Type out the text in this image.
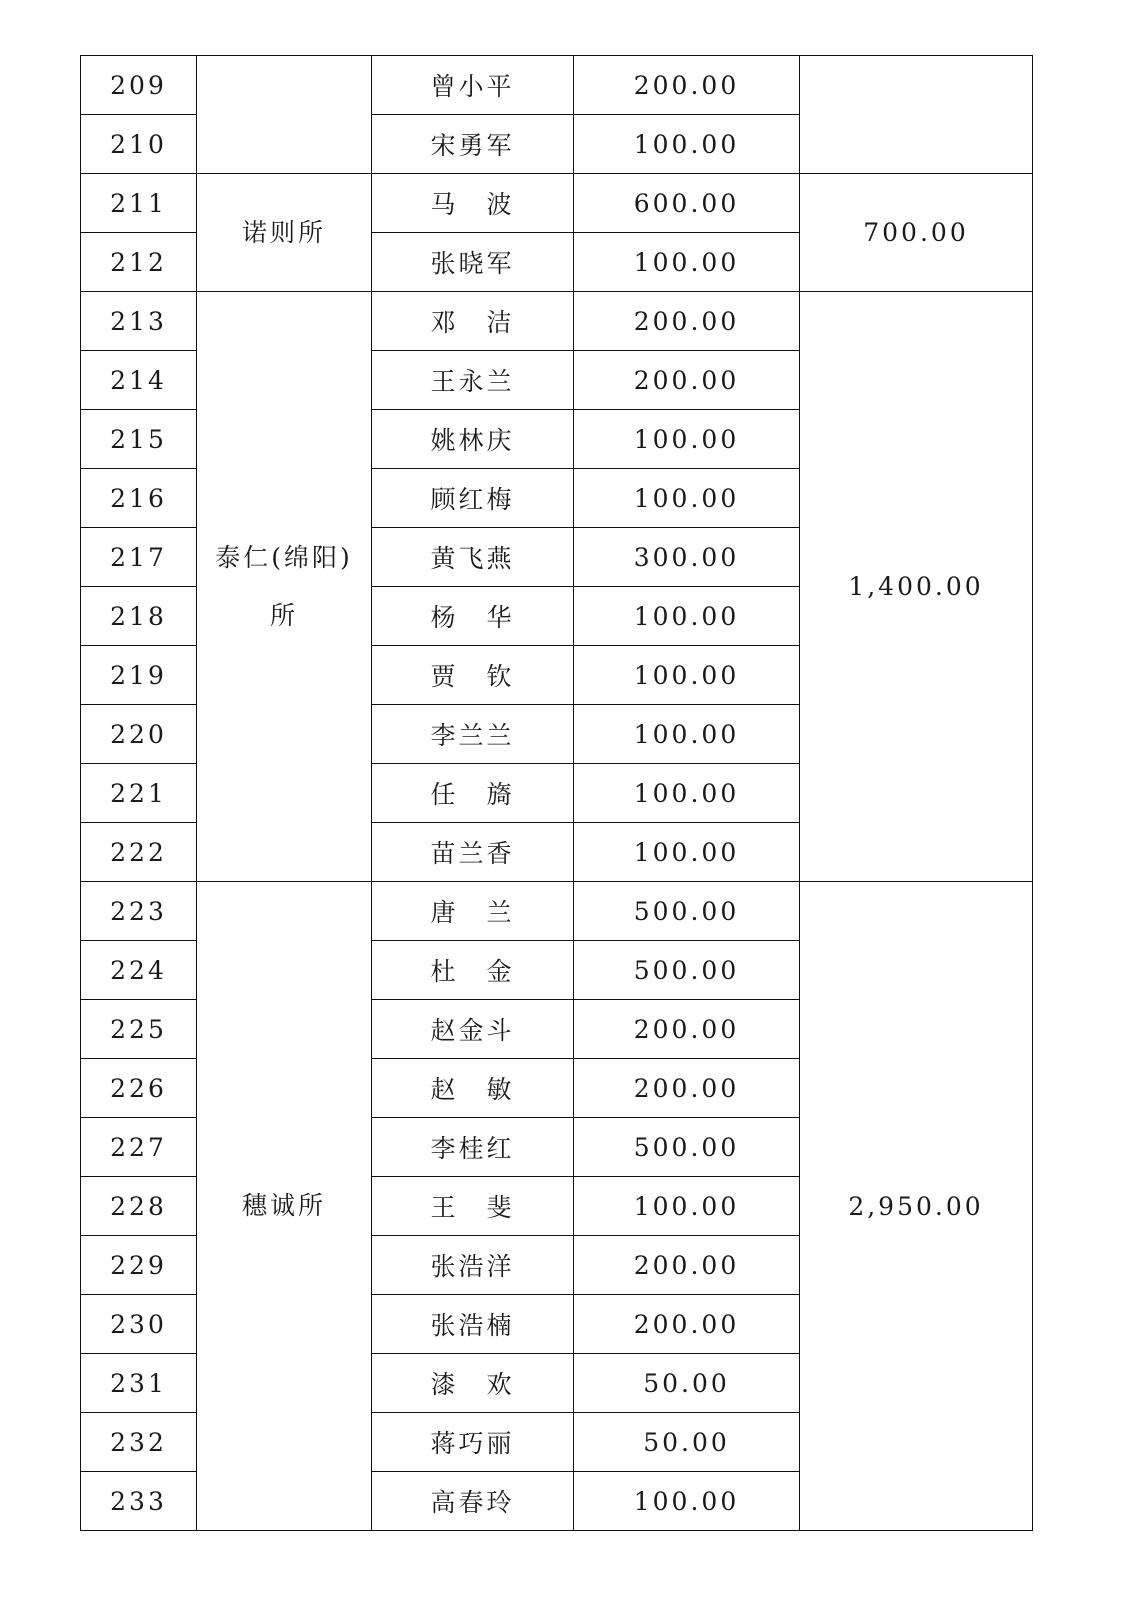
209		曾小平	200.00	
210		宋勇军	100.00	
211	诺则所	马　波	600.00	700.00
212		张晓军	100.00	
213	泰仁(绵阳)所	邓　洁	200.00	1,400.00
214		王永兰	200.00	
215		姚林庆	100.00	
216		顾红梅	100.00	
217		黄飞燕	300.00	
218		杨　华	100.00	
219		贾　钦	100.00	
220		李兰兰	100.00	
221		任　旖	100.00	
222		苗兰香	100.00	
223	穗诚所	唐　兰	500.00	2,950.00
224		杜　金	500.00	
225		赵金斗	200.00	
226		赵　敏	200.00	
227		李桂红	500.00	
228		王　斐	100.00	
229		张浩洋	200.00	
230		张浩楠	200.00	
231		漆　欢	50.00	
232		蒋巧丽	50.00	
233		高春玲	100.00	
